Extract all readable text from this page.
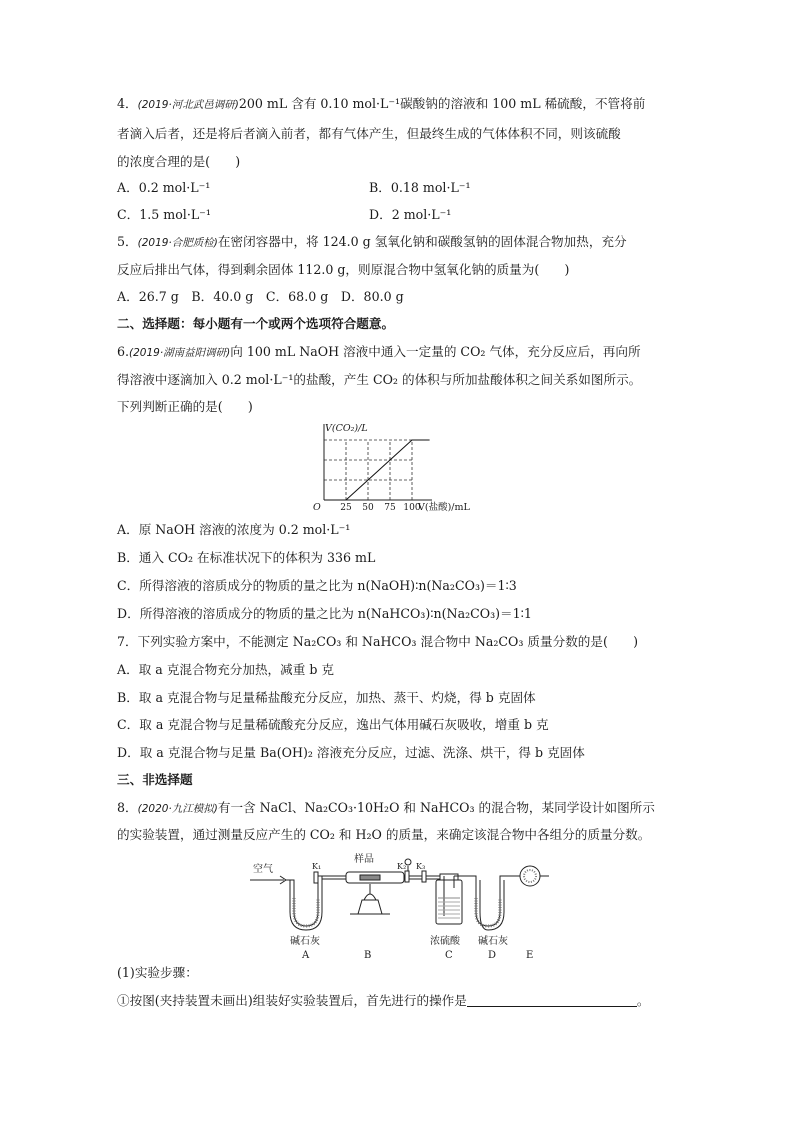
4．(2019·河北武邑调研)200 mL 含有 0.10 mol·L⁻¹碳酸钠的溶液和 100 mL 稀硫酸，不管将前
者滴入后者，还是将后者滴入前者，都有气体产生，但最终生成的气体体积不同，则该硫酸
的浓度合理的是(　　)
A．0.2 mol·L⁻¹	B．0.18 mol·L⁻¹
C．1.5 mol·L⁻¹	D．2 mol·L⁻¹
5．(2019·合肥质检)在密闭容器中，将 124.0 g 氢氧化钠和碳酸氢钠的固体混合物加热，充分
反应后排出气体，得到剩余固体 112.0 g，则原混合物中氢氧化钠的质量为(　　)
A．26.7 g　B．40.0 g　C．68.0 g　D．80.0 g
二、选择题：每小题有一个或两个选项符合题意。
6.(2019·湖南益阳调研)向 100 mL NaOH 溶液中通入一定量的 CO₂ 气体，充分反应后，再向所
得溶液中逐滴加入 0.2 mol·L⁻¹的盐酸，产生 CO₂ 的体积与所加盐酸体积之间关系如图所示。
下列判断正确的是(　　)
V(CO₂)/L
O 25 50 75 100
V(盐酸)/mL
A．原 NaOH 溶液的浓度为 0.2 mol·L⁻¹
B．通入 CO₂ 在标准状况下的体积为 336 mL
C．所得溶液的溶质成分的物质的量之比为 n(NaOH)∶n(Na₂CO₃)＝1∶3
D．所得溶液的溶质成分的物质的量之比为 n(NaHCO₃)∶n(Na₂CO₃)＝1∶1
7．下列实验方案中，不能测定 Na₂CO₃ 和 NaHCO₃ 混合物中 Na₂CO₃ 质量分数的是(　　)
A．取 a 克混合物充分加热，减重 b 克
B．取 a 克混合物与足量稀盐酸充分反应，加热、蒸干、灼烧，得 b 克固体
C．取 a 克混合物与足量稀硫酸充分反应，逸出气体用碱石灰吸收，增重 b 克
D．取 a 克混合物与足量 Ba(OH)₂ 溶液充分反应，过滤、洗涤、烘干，得 b 克固体
三、非选择题
8．(2020·九江模拟)有一含 NaCl、Na₂CO₃·10H₂O 和 NaHCO₃ 的混合物，某同学设计如图所示
的实验装置，通过测量反应产生的 CO₂ 和 H₂O 的质量，来确定该混合物中各组分的质量分数。
空气	K₁
样品
K₂ K₃
碱石灰	浓硫酸 碱石灰
A	B	C	D	E
(1)实验步骤：
①按图(夹持装置未画出)组装好实验装置后，首先进行的操作是	。
